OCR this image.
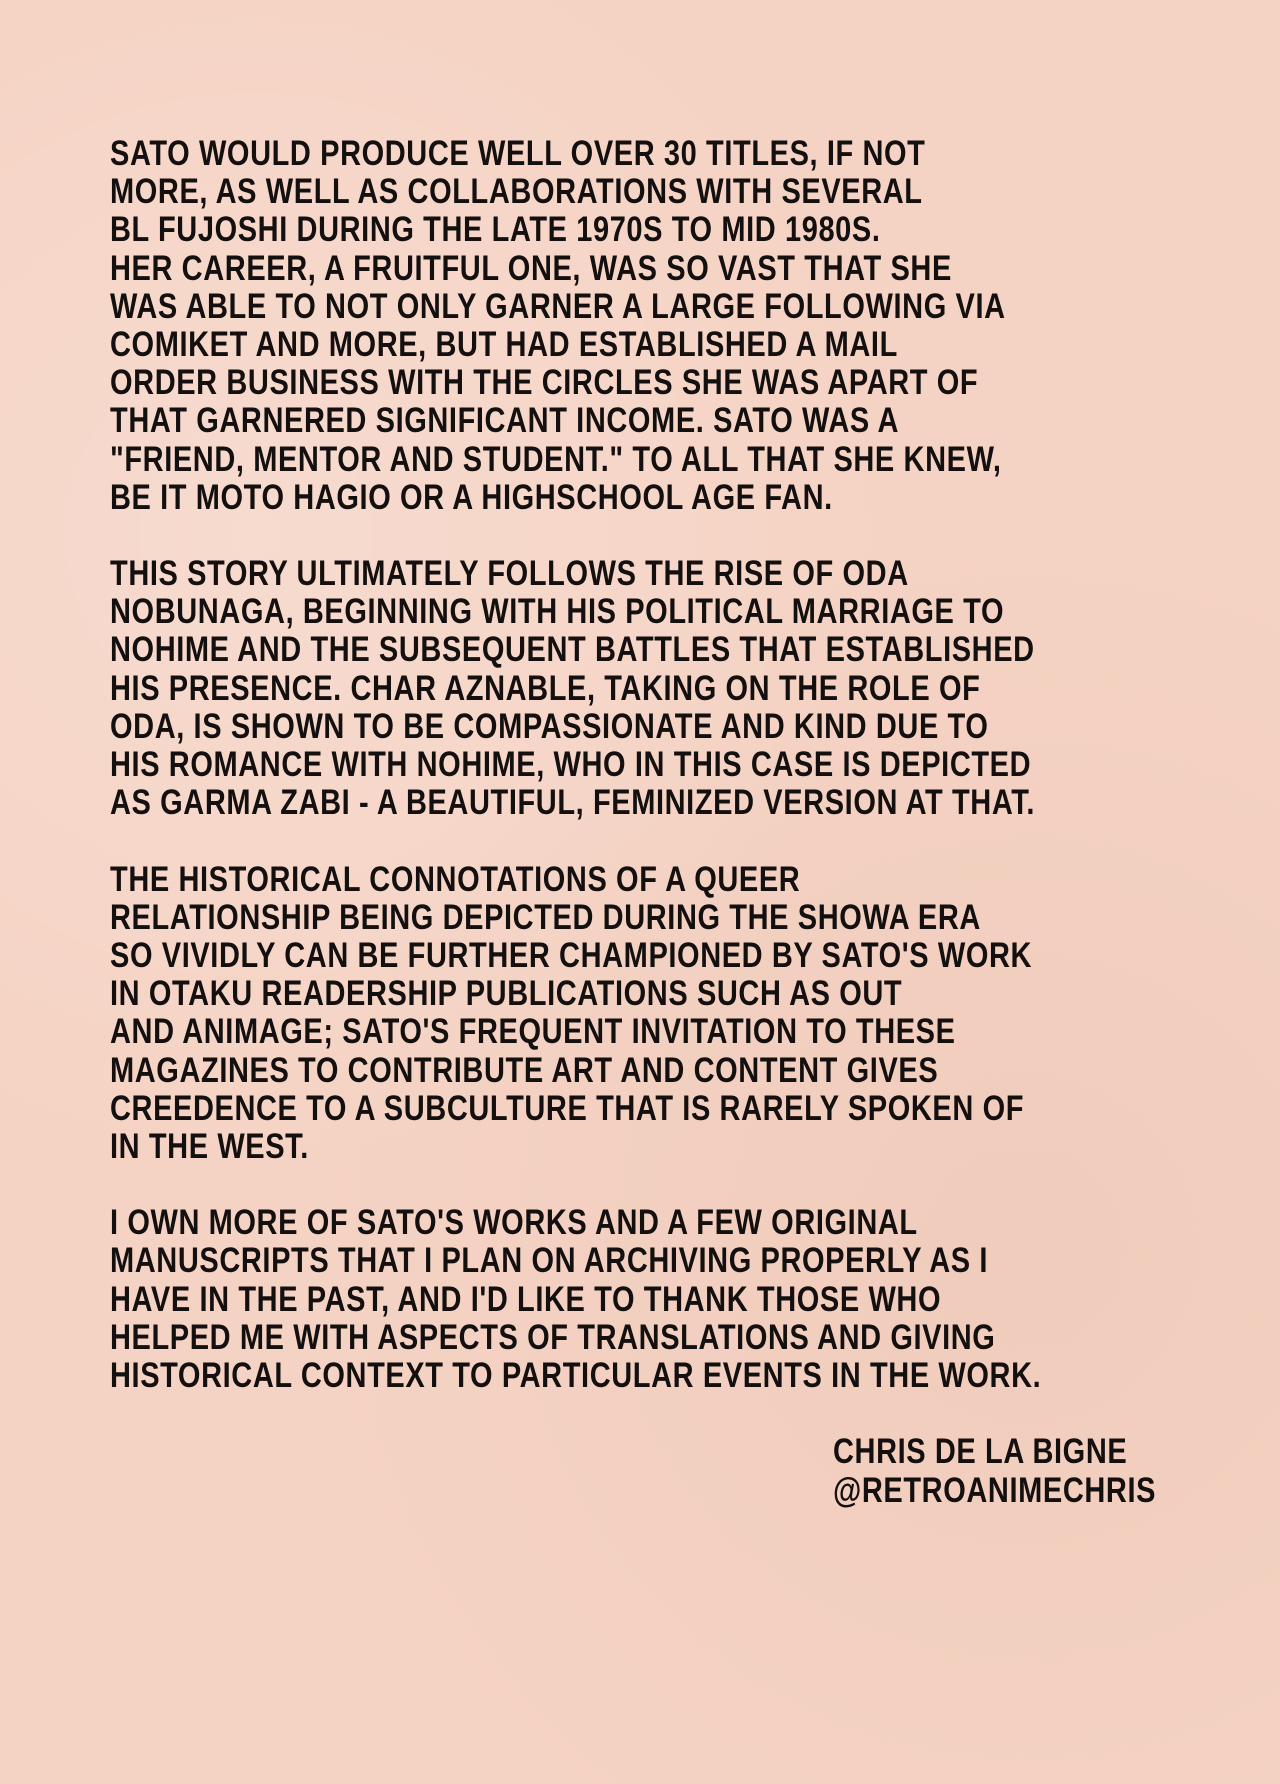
SATO WOULD PRODUCE WELL OVER 30 TITLES, IF NOT
MORE, AS WELL AS COLLABORATIONS WITH SEVERAL
BL FUJOSHI DURING THE LATE 1970S TO MID 1980S.
HER CAREER, A FRUITFUL ONE, WAS SO VAST THAT SHE
WAS ABLE TO NOT ONLY GARNER A LARGE FOLLOWING VIA
COMIKET AND MORE, BUT HAD ESTABLISHED A MAIL
ORDER BUSINESS WITH THE CIRCLES SHE WAS APART OF
THAT GARNERED SIGNIFICANT INCOME. SATO WAS A
"FRIEND, MENTOR AND STUDENT." TO ALL THAT SHE KNEW,
BE IT MOTO HAGIO OR A HIGHSCHOOL AGE FAN.
THIS STORY ULTIMATELY FOLLOWS THE RISE OF ODA
NOBUNAGA, BEGINNING WITH HIS POLITICAL MARRIAGE TO
NOHIME AND THE SUBSEQUENT BATTLES THAT ESTABLISHED
HIS PRESENCE. CHAR AZNABLE, TAKING ON THE ROLE OF
ODA, IS SHOWN TO BE COMPASSIONATE AND KIND DUE TO
HIS ROMANCE WITH NOHIME, WHO IN THIS CASE IS DEPICTED
AS GARMA ZABI - A BEAUTIFUL, FEMINIZED VERSION AT THAT.
THE HISTORICAL CONNOTATIONS OF A QUEER
RELATIONSHIP BEING DEPICTED DURING THE SHOWA ERA
SO VIVIDLY CAN BE FURTHER CHAMPIONED BY SATO'S WORK
IN OTAKU READERSHIP PUBLICATIONS SUCH AS OUT
AND ANIMAGE; SATO'S FREQUENT INVITATION TO THESE
MAGAZINES TO CONTRIBUTE ART AND CONTENT GIVES
CREEDENCE TO A SUBCULTURE THAT IS RARELY SPOKEN OF
IN THE WEST.
I OWN MORE OF SATO'S WORKS AND A FEW ORIGINAL
MANUSCRIPTS THAT I PLAN ON ARCHIVING PROPERLY AS I
HAVE IN THE PAST, AND I'D LIKE TO THANK THOSE WHO
HELPED ME WITH ASPECTS OF TRANSLATIONS AND GIVING
HISTORICAL CONTEXT TO PARTICULAR EVENTS IN THE WORK.
CHRIS DE LA BIGNE
@RETROANIMECHRIS
